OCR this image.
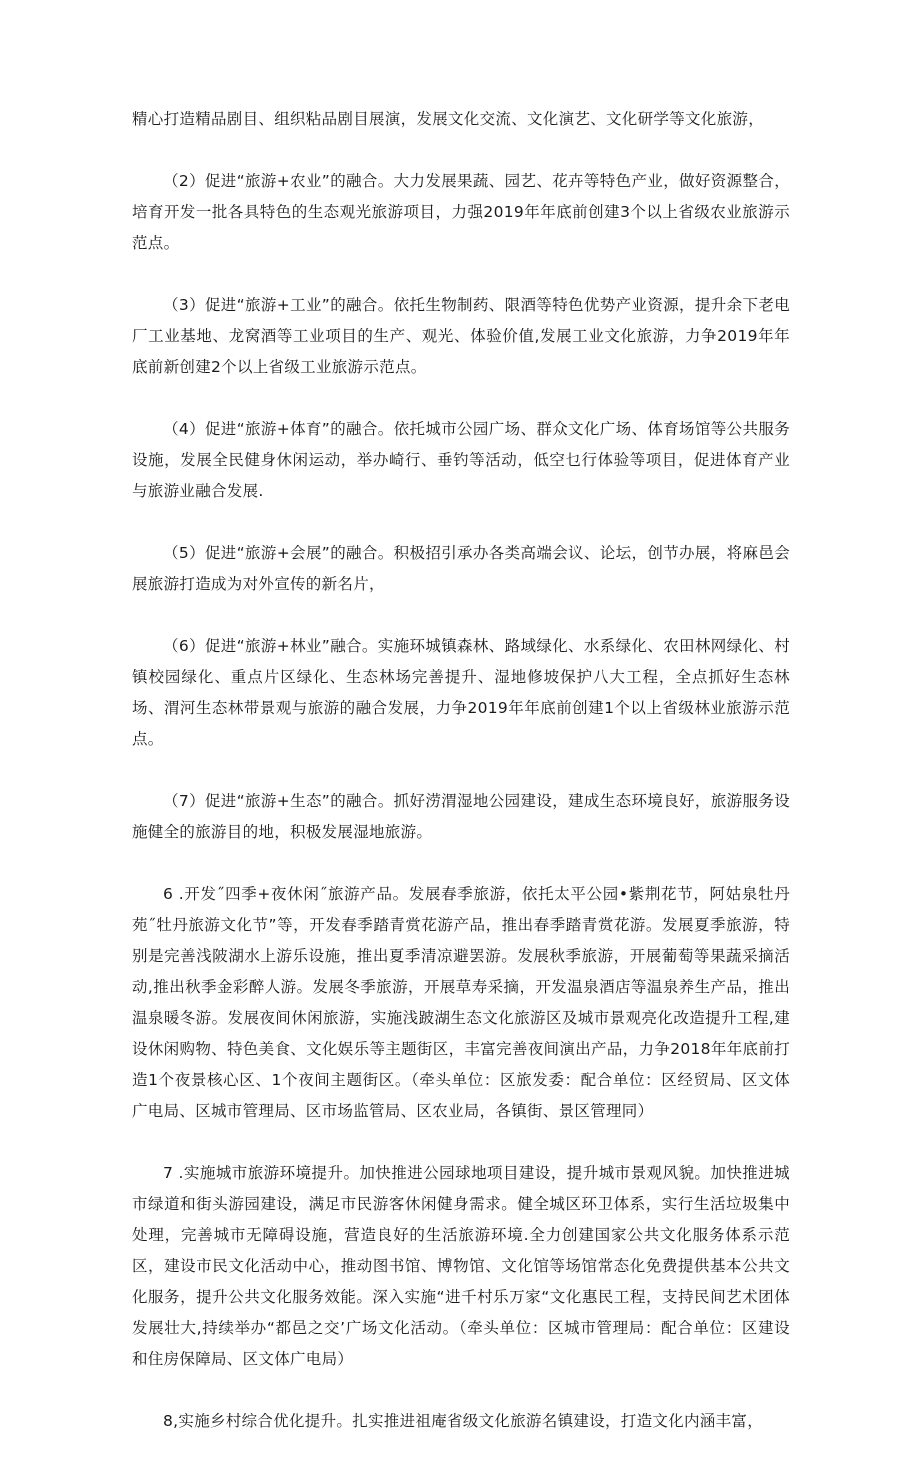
精心打造精品剧目、组织粘品剧目展演，发展文化交流、文化演艺、文化研学等文化旅游，

（2）促进“旅游+农业”的融合。大力发展果蔬、园艺、花卉等特色产业，做好资源整合，培育开发一批各具特色的生态观光旅游项目，力强2019年年底前创建3个以上省级农业旅游示范点。

（3）促进“旅游+工业”的融合。依托生物制药、限酒等特色优势产业资源，提升余下老电厂工业基地、龙窝酒等工业项目的生产、观光、体验价值,发展工业文化旅游，力争2019年年底前新创建2个以上省级工业旅游示范点。

（4）促进“旅游+体育”的融合。依托城市公园广场、群众文化广场、体育场馆等公共服务设施，发展全民健身休闲运动，举办崎行、垂钓等活动，低空乜行体验等项目，促进体育产业与旅游业融合发展.

（5）促进“旅游+会展”的融合。积极招引承办各类高端会议、论坛，创节办展，将麻邑会展旅游打造成为对外宣传的新名片，

（6）促进“旅游+林业”融合。实施环城镇森林、路域绿化、水系绿化、农田林网绿化、村镇校园绿化、重点片区绿化、生态林场完善提升、湿地修坡保护八大工程，全点抓好生态林场、渭河生态林带景观与旅游的融合发展，力争2019年年底前创建1个以上省级林业旅游示范点。

（7）促进“旅游+生态”的融合。抓好涝渭湿地公园建设，建成生态环境良好，旅游服务设施健全的旅游目的地，积极发展湿地旅游。

6 .开发˝四季+夜休闲˝旅游产品。发展春季旅游，依托太平公园•紫荆花节，阿姑泉牡丹苑˝牡丹旅游文化节”等，开发春季踏青赏花游产品，推出春季踏青赏花游。发展夏季旅游，特别是完善浅陂湖水上游乐设施，推出夏季清凉避罢游。发展秋季旅游，开展葡萄等果蔬采摘活动,推出秋季金彩醉人游。发展冬季旅游，开展草寿采摘，开发温泉酒店等温泉养生产品，推出温泉暖冬游。发展夜间休闲旅游，实施浅跛湖生态文化旅游区及城市景观亮化改造提升工程,建设休闲购物、特色美食、文化娱乐等主题街区，丰富完善夜间演出产品，力争2018年年底前打造1个夜景核心区、1个夜间主题街区。（牵头单位：区旅发委：配合单位：区经贸局、区文体广电局、区城市管理局、区市场监管局、区农业局，各镇街、景区管理同）

7 .实施城市旅游环境提升。加快推进公园球地项目建设，提升城市景观风貌。加快推进城市绿道和街头游园建设，满足市民游客休闲健身需求。健全城区环卫体系，实行生活垃圾集中处理，完善城市无障碍设施，营造良好的生活旅游环境.全力创建国家公共文化服务体系示范区，建设市民文化活动中心，推动图书馆、博物馆、文化馆等场馆常态化免费提供基本公共文化服务，提升公共文化服务效能。深入实施“进千村乐万家“文化惠民工程，支持民间艺术团体发展壮大,持续举办“都邑之交’广场文化活动。（牵头单位：区城市管理局：配合单位：区建设和住房保障局、区文体广电局）

8,实施乡村综合优化提升。扎实推进祖庵省级文化旅游名镇建设，打造文化内涵丰富，
